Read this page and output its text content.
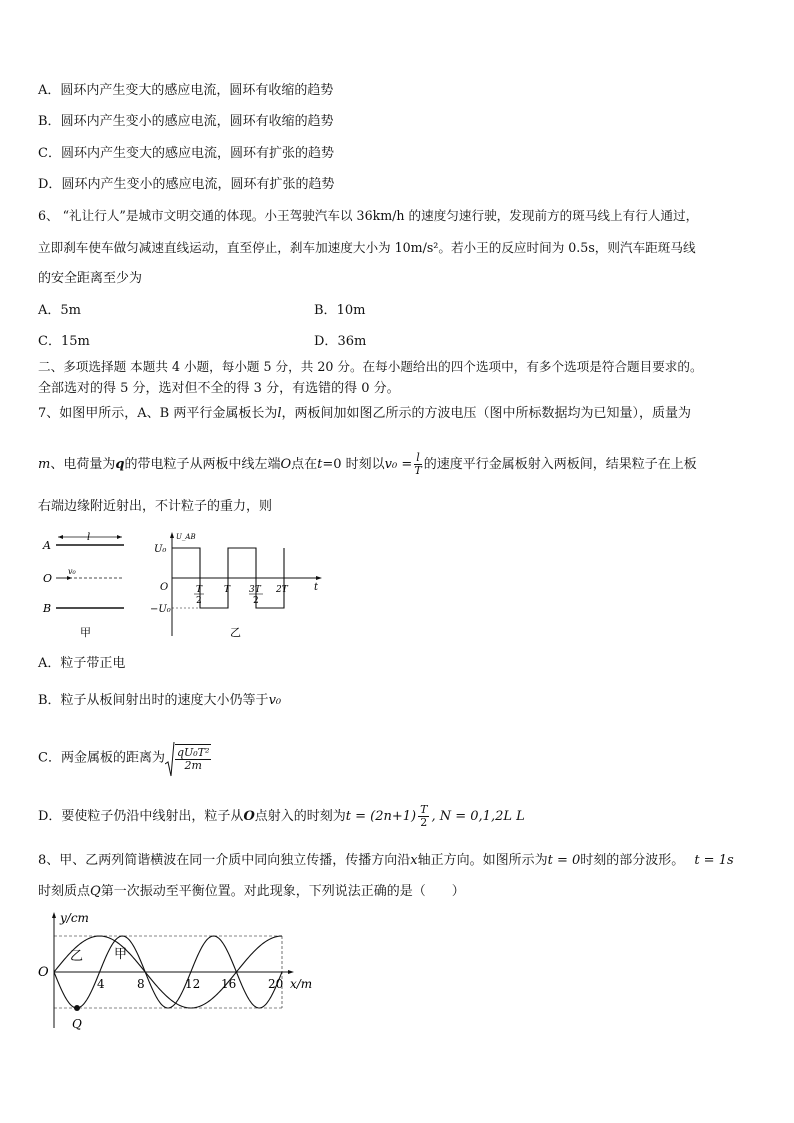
A．圆环内产生变大的感应电流，圆环有收缩的趋势
B．圆环内产生变小的感应电流，圆环有收缩的趋势
C．圆环内产生变大的感应电流，圆环有扩张的趋势
D．圆环内产生变小的感应电流，圆环有扩张的趋势
6、 “礼让行人”是城市文明交通的体现。小王驾驶汽车以 36km/h 的速度匀速行驶，发现前方的斑马线上有行人通过，
立即刹车使车做匀减速直线运动，直至停止，刹车加速度大小为 10m/s²。若小王的反应时间为 0.5s，则汽车距斑马线
的安全距离至少为
A．5m	B．10m
C．15m	D．36m
二、多项选择题 本题共 4 小题，每小题 5 分，共 20 分。在每小题给出的四个选项中，有多个选项是符合题目要求的。
全部选对的得 5 分，选对但不全的得 3 分，有选错的得 0 分。
7、如图甲所示，A、B 两平行金属板长为l，两板间加如图乙所示的方波电压（图中所标数据均为已知量），质量为
m、电荷量为q的带电粒子从两板中线左端O点在t=0 时刻以$v_0 = \frac{l}{T}$ 的速度平行金属板射入两板间，结果粒子在上板
右端边缘附近射出，不计粒子的重力，则
A
l
O
v₀
B
甲
U_AB
t
O
U₀
−U₀
T
2
T 3T
2
2T
乙
A．粒子带正电
B．粒子从板间射出时的速度大小仍等于v₀
C．两金属板的距离为 $\frac{\text{qU₀T²}}{2m}$
D．要使粒子仍沿中线射出，粒子从O点射入的时刻为$t = (2n+1) \frac{T}{2}$ , N = 0,1,2L L
8、甲、乙两列简谐横波在同一介质中同向独立传播，传播方向沿x轴正方向。如图所示为t = 0时刻的部分波形。 t = 1s
时刻质点Q第一次振动至平衡位置。对此现象，下列说法正确的是（　　）
y/cm
x/m
O
乙 甲
Q
4	8	12 16	20
